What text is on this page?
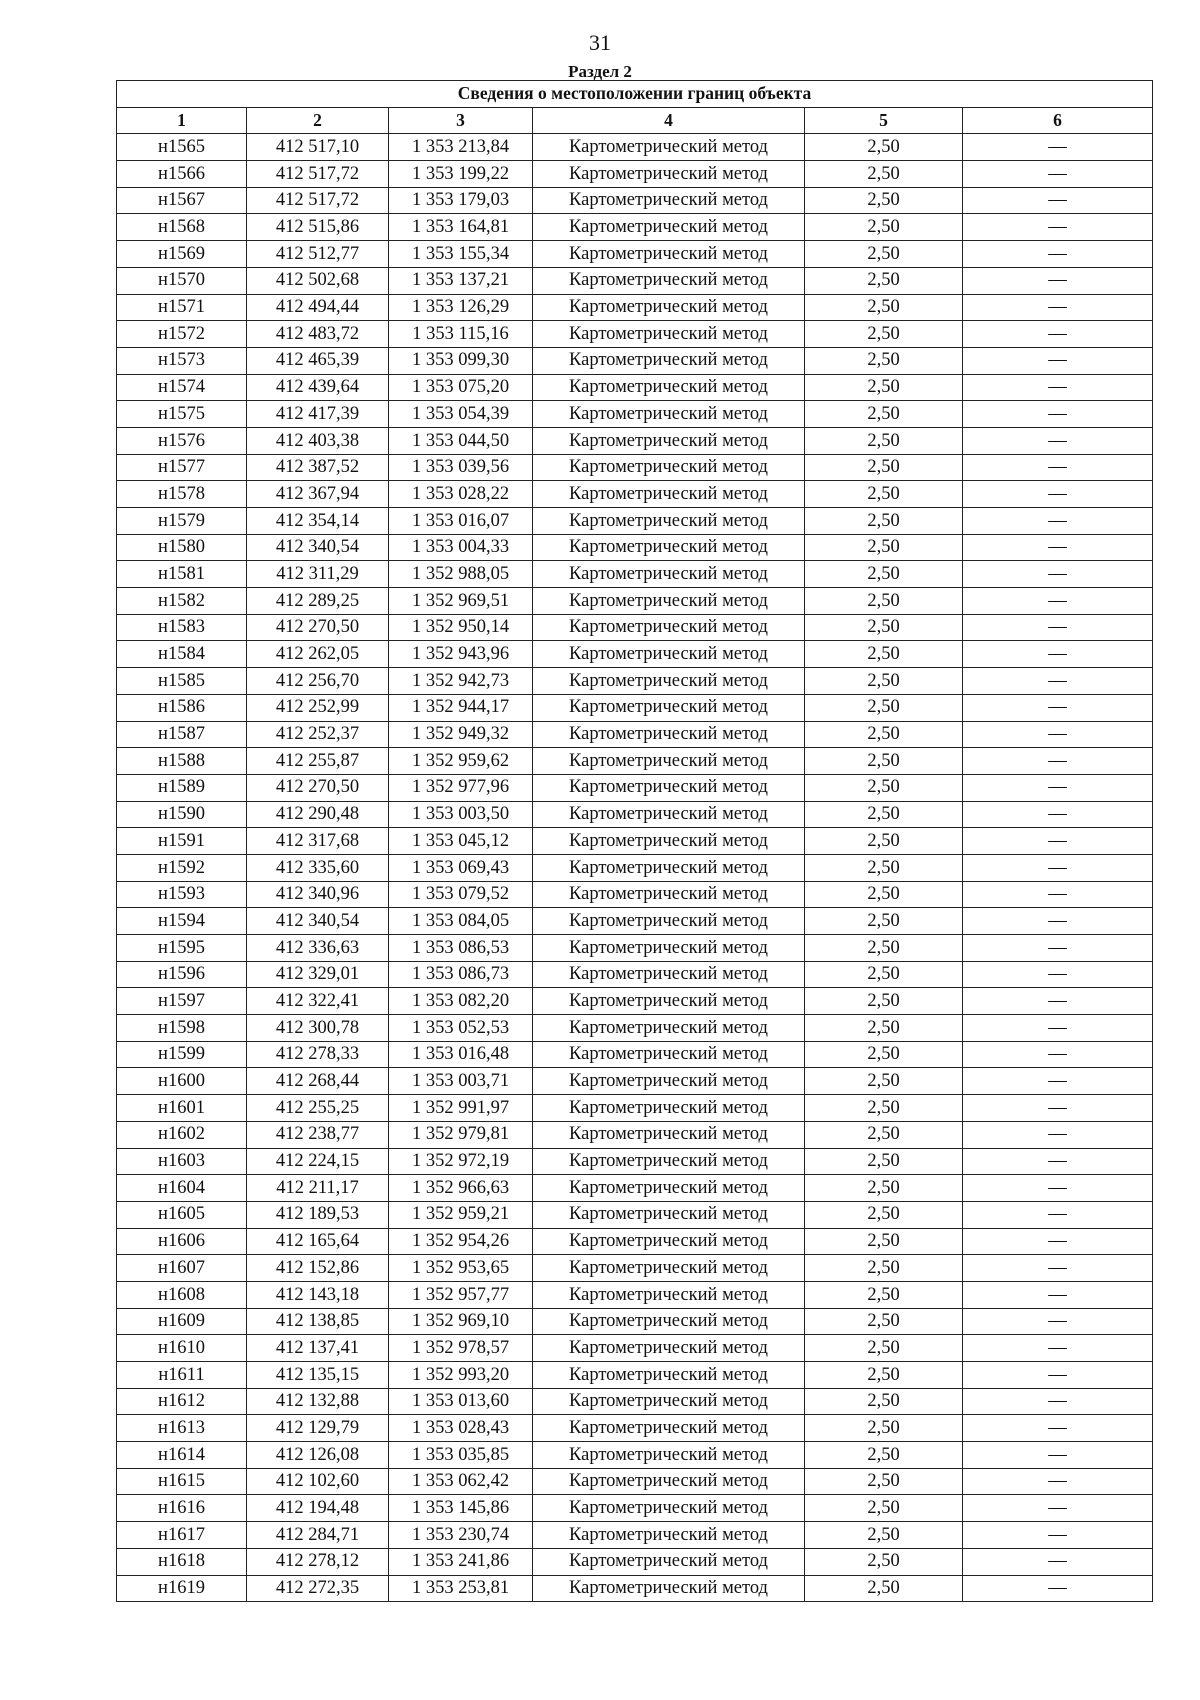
31
Раздел 2
Сведения о местоположении границ объекта					
1	2	3	4	5	6
н1565	412 517,10	1 353 213,84	Картометрический метод	2,50	—
н1566	412 517,72	1 353 199,22	Картометрический метод	2,50	—
н1567	412 517,72	1 353 179,03	Картометрический метод	2,50	—
н1568	412 515,86	1 353 164,81	Картометрический метод	2,50	—
н1569	412 512,77	1 353 155,34	Картометрический метод	2,50	—
н1570	412 502,68	1 353 137,21	Картометрический метод	2,50	—
н1571	412 494,44	1 353 126,29	Картометрический метод	2,50	—
н1572	412 483,72	1 353 115,16	Картометрический метод	2,50	—
н1573	412 465,39	1 353 099,30	Картометрический метод	2,50	—
н1574	412 439,64	1 353 075,20	Картометрический метод	2,50	—
н1575	412 417,39	1 353 054,39	Картометрический метод	2,50	—
н1576	412 403,38	1 353 044,50	Картометрический метод	2,50	—
н1577	412 387,52	1 353 039,56	Картометрический метод	2,50	—
н1578	412 367,94	1 353 028,22	Картометрический метод	2,50	—
н1579	412 354,14	1 353 016,07	Картометрический метод	2,50	—
н1580	412 340,54	1 353 004,33	Картометрический метод	2,50	—
н1581	412 311,29	1 352 988,05	Картометрический метод	2,50	—
н1582	412 289,25	1 352 969,51	Картометрический метод	2,50	—
н1583	412 270,50	1 352 950,14	Картометрический метод	2,50	—
н1584	412 262,05	1 352 943,96	Картометрический метод	2,50	—
н1585	412 256,70	1 352 942,73	Картометрический метод	2,50	—
н1586	412 252,99	1 352 944,17	Картометрический метод	2,50	—
н1587	412 252,37	1 352 949,32	Картометрический метод	2,50	—
н1588	412 255,87	1 352 959,62	Картометрический метод	2,50	—
н1589	412 270,50	1 352 977,96	Картометрический метод	2,50	—
н1590	412 290,48	1 353 003,50	Картометрический метод	2,50	—
н1591	412 317,68	1 353 045,12	Картометрический метод	2,50	—
н1592	412 335,60	1 353 069,43	Картометрический метод	2,50	—
н1593	412 340,96	1 353 079,52	Картометрический метод	2,50	—
н1594	412 340,54	1 353 084,05	Картометрический метод	2,50	—
н1595	412 336,63	1 353 086,53	Картометрический метод	2,50	—
н1596	412 329,01	1 353 086,73	Картометрический метод	2,50	—
н1597	412 322,41	1 353 082,20	Картометрический метод	2,50	—
н1598	412 300,78	1 353 052,53	Картометрический метод	2,50	—
н1599	412 278,33	1 353 016,48	Картометрический метод	2,50	—
н1600	412 268,44	1 353 003,71	Картометрический метод	2,50	—
н1601	412 255,25	1 352 991,97	Картометрический метод	2,50	—
н1602	412 238,77	1 352 979,81	Картометрический метод	2,50	—
н1603	412 224,15	1 352 972,19	Картометрический метод	2,50	—
н1604	412 211,17	1 352 966,63	Картометрический метод	2,50	—
н1605	412 189,53	1 352 959,21	Картометрический метод	2,50	—
н1606	412 165,64	1 352 954,26	Картометрический метод	2,50	—
н1607	412 152,86	1 352 953,65	Картометрический метод	2,50	—
н1608	412 143,18	1 352 957,77	Картометрический метод	2,50	—
н1609	412 138,85	1 352 969,10	Картометрический метод	2,50	—
н1610	412 137,41	1 352 978,57	Картометрический метод	2,50	—
н1611	412 135,15	1 352 993,20	Картометрический метод	2,50	—
н1612	412 132,88	1 353 013,60	Картометрический метод	2,50	—
н1613	412 129,79	1 353 028,43	Картометрический метод	2,50	—
н1614	412 126,08	1 353 035,85	Картометрический метод	2,50	—
н1615	412 102,60	1 353 062,42	Картометрический метод	2,50	—
н1616	412 194,48	1 353 145,86	Картометрический метод	2,50	—
н1617	412 284,71	1 353 230,74	Картометрический метод	2,50	—
н1618	412 278,12	1 353 241,86	Картометрический метод	2,50	—
н1619	412 272,35	1 353 253,81	Картометрический метод	2,50	—
